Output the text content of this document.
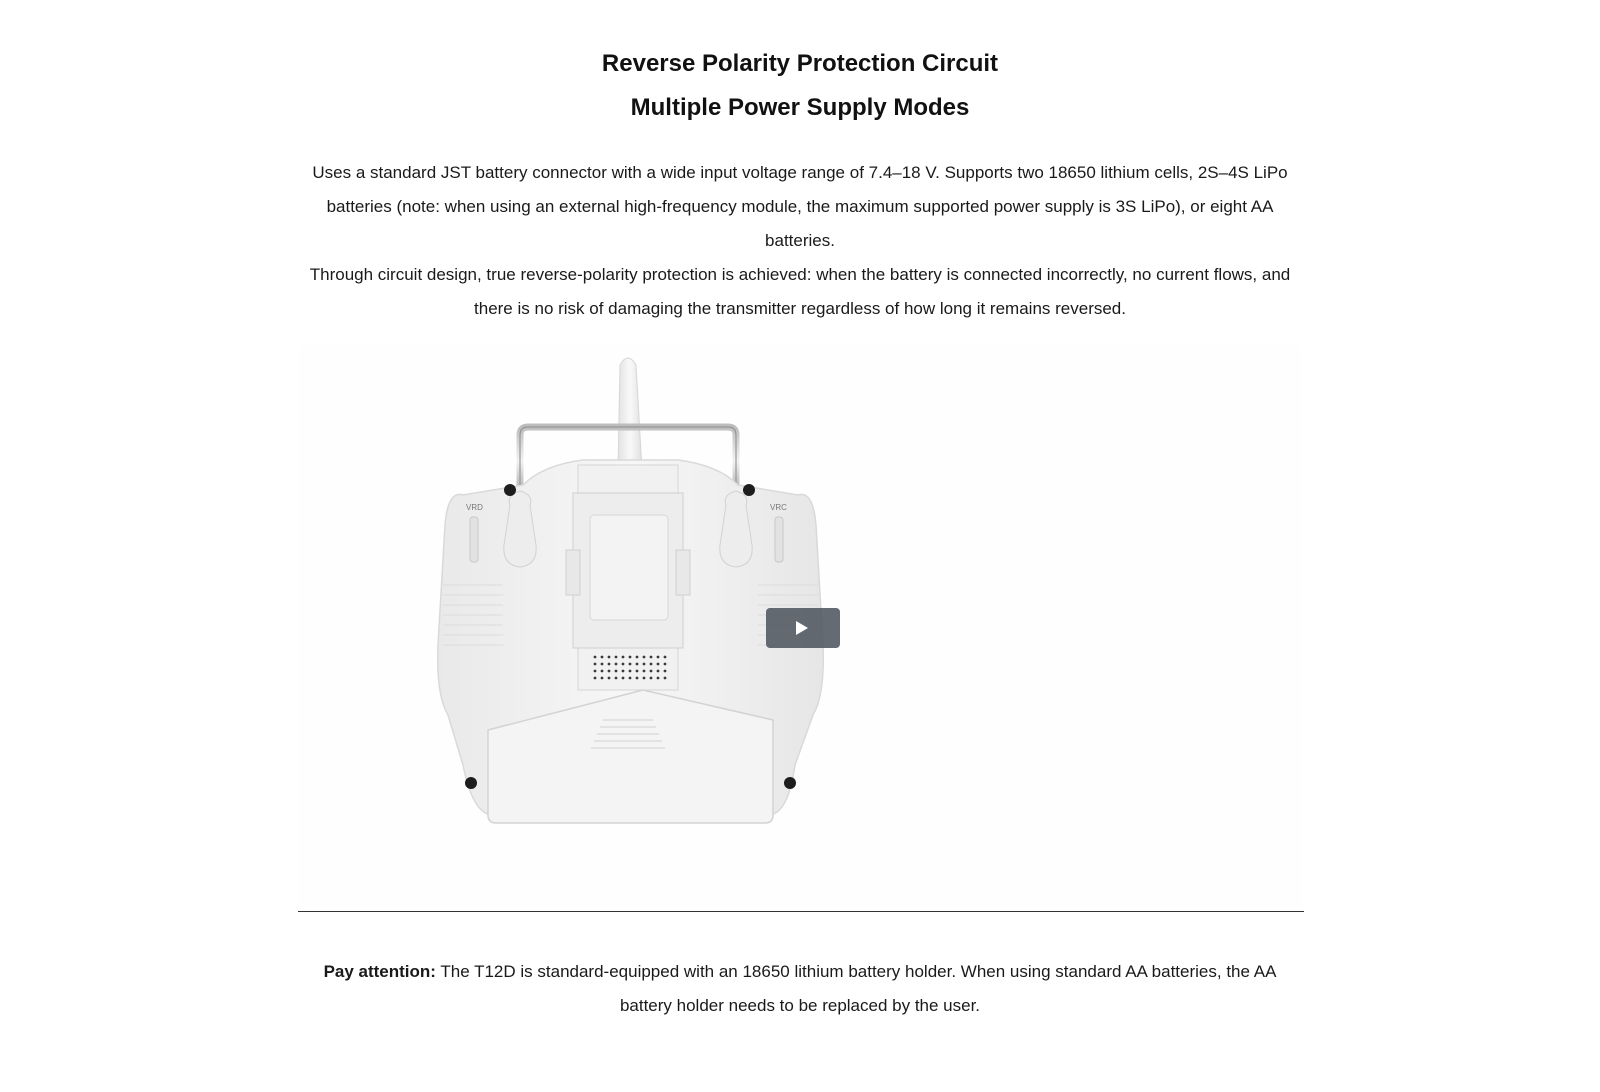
Reverse Polarity Protection Circuit
Multiple Power Supply Modes

Uses a standard JST battery connector with a wide input voltage range of 7.4–18 V. Supports two 18650 lithium cells, 2S–4S LiPo batteries (note: when using an external high-frequency module, the maximum supported power supply is 3S LiPo), or eight AA batteries.

Through circuit design, true reverse-polarity protection is achieved: when the battery is connected incorrectly, no current flows, and there is no risk of damaging the transmitter regardless of how long it remains reversed.

VRD	VRC
Pay attention: The T12D is standard-equipped with an 18650 lithium battery holder. When using standard AA batteries, the AA battery holder needs to be replaced by the user.
